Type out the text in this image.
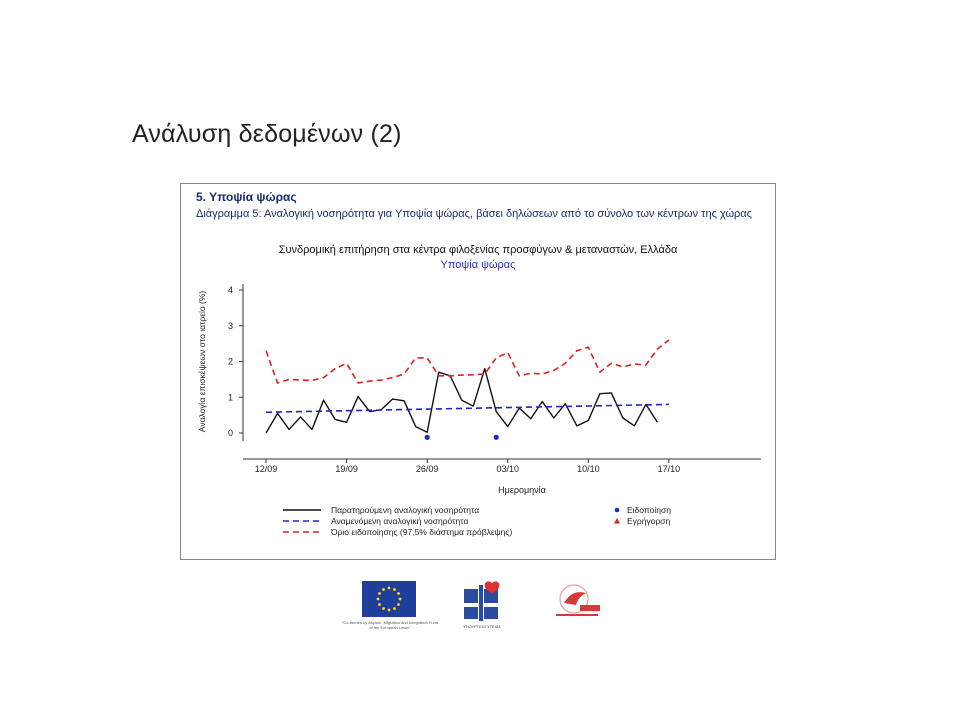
Ανάλυση δεδομένων (2)
5. Υποψία ψώρας
Διάγραμμα 5: Αναλογική νοσηρότητα για Υποψία ψώρας, βάσει δηλώσεων από το σύνολο των κέντρων της χώρας
Συνδρομική επιτήρηση στα κέντρα φιλοξενίας προσφύγων & μεταναστών, Ελλάδα
Υποψία ψώρας
0
1
2
3
4
Αναλογία επισκέψεων στο ιατρείο (%)
12/09	19/09	26/09	03/10	10/10	17/10
Ημερομηνία
Παρατηρούμενη αναλογική νοσηρότητα
Αναμενόμενη αναλογική νοσηρότητα
Όριο ειδοποίησης (97,5% διάστημα πρόβλεψης)
Ειδοποίηση
Εγρήγορση
"Co-funded by Asylum, Migration and Integration Fund of the European Union"	ΥΠΟΥΡΓΕΙΟ ΥΓΕΙΑΣ
